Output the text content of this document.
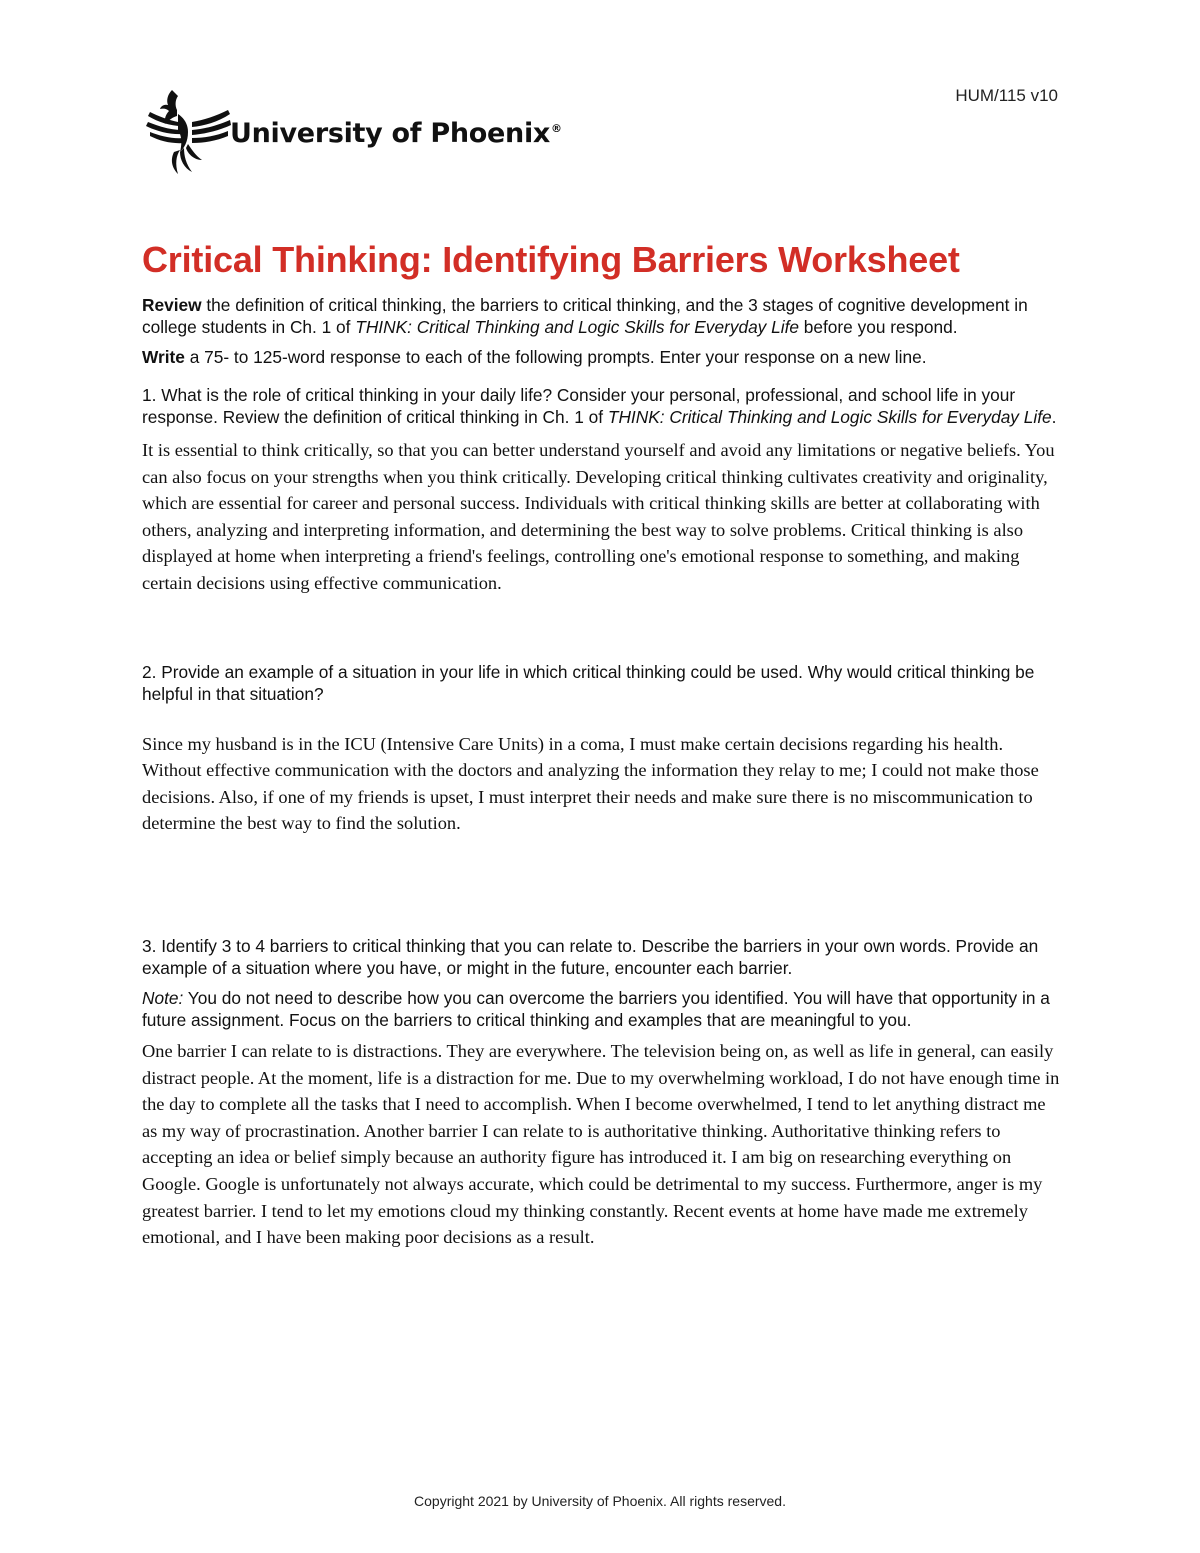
HUM/115 v10
University of Phoenix®
Critical Thinking: Identifying Barriers Worksheet

Review the definition of critical thinking, the barriers to critical thinking, and the 3 stages of cognitive development in college students in Ch. 1 of THINK: Critical Thinking and Logic Skills for Everyday Life before you respond.

Write a 75- to 125-word response to each of the following prompts. Enter your response on a new line.

1. What is the role of critical thinking in your daily life? Consider your personal, professional, and school life in your response. Review the definition of critical thinking in Ch. 1 of THINK: Critical Thinking and Logic Skills for Everyday Life.

It is essential to think critically, so that you can better understand yourself and avoid any limitations or negative beliefs. You can also focus on your strengths when you think critically. Developing critical thinking cultivates creativity and originality, which are essential for career and personal success. Individuals with critical thinking skills are better at collaborating with others, analyzing and interpreting information, and determining the best way to solve problems. Critical thinking is also displayed at home when interpreting a friend's feelings, controlling one's emotional response to something, and making certain decisions using effective communication.

2. Provide an example of a situation in your life in which critical thinking could be used. Why would critical thinking be helpful in that situation?

Since my husband is in the ICU (Intensive Care Units) in a coma, I must make certain decisions regarding his health. Without effective communication with the doctors and analyzing the information they relay to me; I could not make those decisions. Also, if one of my friends is upset, I must interpret their needs and make sure there is no miscommunication to determine the best way to find the solution.

3. Identify 3 to 4 barriers to critical thinking that you can relate to. Describe the barriers in your own words. Provide an example of a situation where you have, or might in the future, encounter each barrier.

Note: You do not need to describe how you can overcome the barriers you identified. You will have that opportunity in a future assignment. Focus on the barriers to critical thinking and examples that are meaningful to you.

One barrier I can relate to is distractions. They are everywhere. The television being on, as well as life in general, can easily distract people. At the moment, life is a distraction for me. Due to my overwhelming workload, I do not have enough time in the day to complete all the tasks that I need to accomplish. When I become overwhelmed, I tend to let anything distract me as my way of procrastination. Another barrier I can relate to is authoritative thinking. Authoritative thinking refers to accepting an idea or belief simply because an authority figure has introduced it. I am big on researching everything on Google. Google is unfortunately not always accurate, which could be detrimental to my success. Furthermore, anger is my greatest barrier. I tend to let my emotions cloud my thinking constantly. Recent events at home have made me extremely emotional, and I have been making poor decisions as a result.

Copyright 2021 by University of Phoenix. All rights reserved.
